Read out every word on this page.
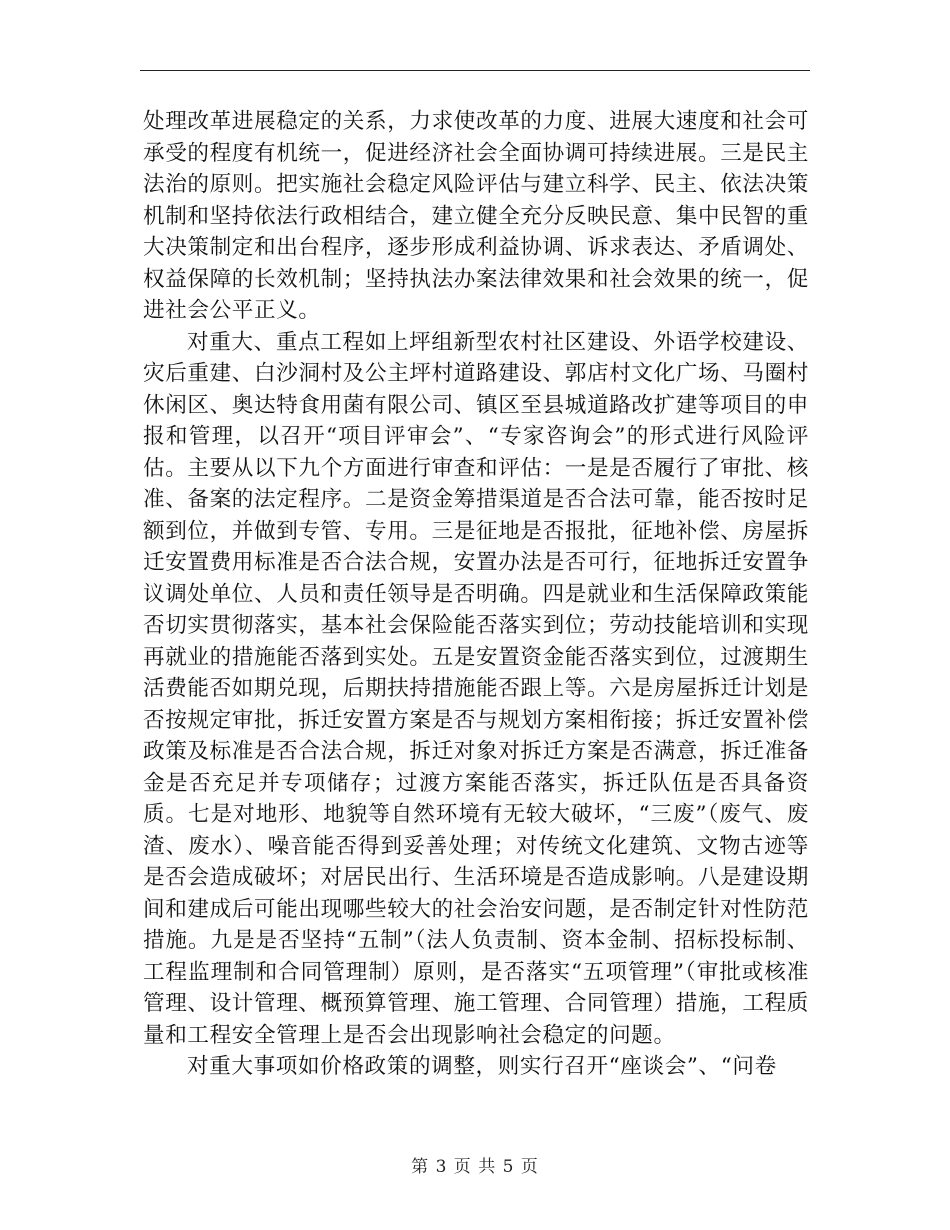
处理改革进展稳定的关系，力求使改革的力度、进展大速度和社会可承受的程度有机统一，促进经济社会全面协调可持续进展。三是民主法治的原则。把实施社会稳定风险评估与建立科学、民主、依法决策机制和坚持依法行政相结合，建立健全充分反映民意、集中民智的重大决策制定和出台程序，逐步形成利益协调、诉求表达、矛盾调处、权益保障的长效机制；坚持执法办案法律效果和社会效果的统一，促进社会公平正义。

对重大、重点工程如上坪组新型农村社区建设、外语学校建设、灾后重建、白沙洞村及公主坪村道路建设、郭店村文化广场、马圈村休闲区、奥达特食用菌有限公司、镇区至县城道路改扩建等项目的申报和管理，以召开“项目评审会”、“专家咨询会”的形式进行风险评估。主要从以下九个方面进行审查和评估：一是是否履行了审批、核准、备案的法定程序。二是资金筹措渠道是否合法可靠，能否按时足额到位，并做到专管、专用。三是征地是否报批，征地补偿、房屋拆迁安置费用标准是否合法合规，安置办法是否可行，征地拆迁安置争议调处单位、人员和责任领导是否明确。四是就业和生活保障政策能否切实贯彻落实，基本社会保险能否落实到位；劳动技能培训和实现再就业的措施能否落到实处。五是安置资金能否落实到位，过渡期生活费能否如期兑现，后期扶持措施能否跟上等。六是房屋拆迁计划是否按规定审批，拆迁安置方案是否与规划方案相衔接；拆迁安置补偿政策及标准是否合法合规，拆迁对象对拆迁方案是否满意，拆迁准备金是否充足并专项储存；过渡方案能否落实，拆迁队伍是否具备资质。七是对地形、地貌等自然环境有无较大破坏，“三废”（废气、废渣、废水）、噪音能否得到妥善处理；对传统文化建筑、文物古迹等是否会造成破坏；对居民出行、生活环境是否造成影响。八是建设期间和建成后可能出现哪些较大的社会治安问题，是否制定针对性防范措施。九是是否坚持“五制”（法人负责制、资本金制、招标投标制、工程监理制和合同管理制）原则，是否落实“五项管理”（审批或核准管理、设计管理、概预算管理、施工管理、合同管理）措施，工程质量和工程安全管理上是否会出现影响社会稳定的问题。

对重大事项如价格政策的调整，则实行召开“座谈会”、“问卷

第 3 页 共 5 页
